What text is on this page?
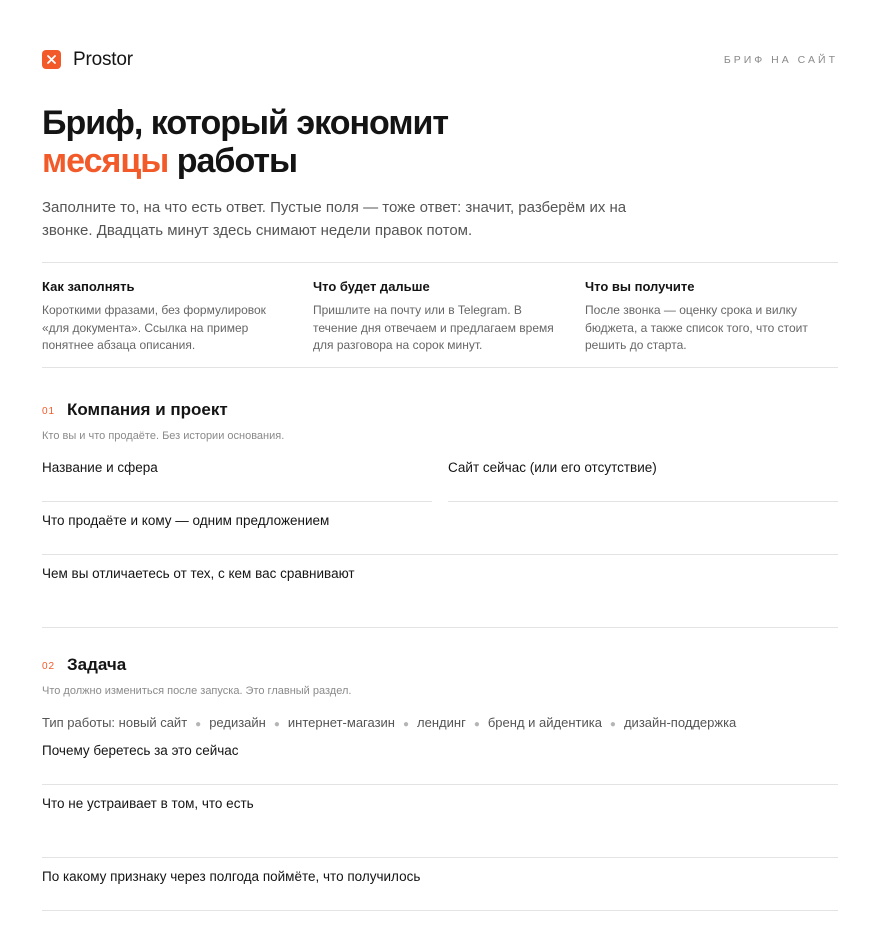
Prostor	БРИФ НА САЙТ
Бриф, который экономит
месяцы работы

Заполните то, на что есть ответ. Пустые поля — тоже ответ: значит, разберём их на звонке. Двадцать минут здесь снимают недели правок потом.

Как заполнять

Короткими фразами, без формулировок «для документа». Ссылка на пример понятнее абзаца описания.

Что будет дальше

Пришлите на почту или в Telegram. В течение дня отвечаем и предлагаем время для разговора на сорок минут.

Что вы получите

После звонка — оценку срока и вилку бюджета, а также список того, что стоит решить до старта.

01 Компания и проект
Кто вы и что продаёте. Без истории основания.
Название и сфера	Сайт сейчас (или его отсутствие)
Что продаёте и кому — одним предложением
Чем вы отличаетесь от тех, с кем вас сравнивают
02 Задача
Что должно измениться после запуска. Это главный раздел.
Тип работы: новый сайт ● редизайн ● интернет-магазин ● лендинг ● бренд и айдентика ● дизайн-поддержка
Почему беретесь за это сейчас
Что не устраивает в том, что есть
По какому признаку через полгода поймёте, что получилось
